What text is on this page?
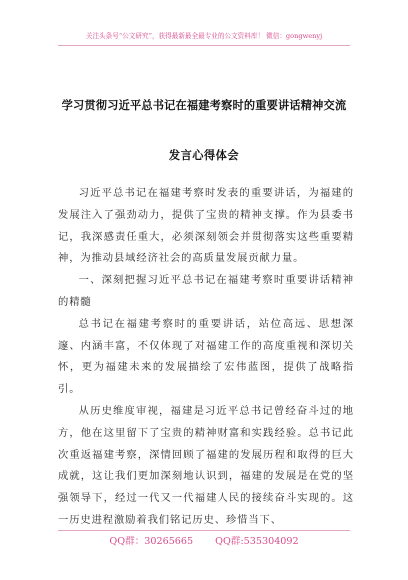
关注头条号“公文研究”，获得最新最全最专业的公文资料库！ 微信：gongwenyj
学习贯彻习近平总书记在福建考察时的重要讲话精神交流
发言心得体会

习近平总书记在福建考察时发表的重要讲话，为福建的发展注入了强劲动力，提供了宝贵的精神支撑。作为县委书记，我深感责任重大，必须深刻领会并贯彻落实这些重要精神，为推动县域经济社会的高质量发展贡献力量。

一、深刻把握习近平总书记在福建考察时重要讲话精神的精髓

总书记在福建考察时的重要讲话，站位高远、思想深邃、内涵丰富，不仅体现了对福建工作的高度重视和深切关怀，更为福建未来的发展描绘了宏伟蓝图，提供了战略指引。

从历史维度审视，福建是习近平总书记曾经奋斗过的地方，他在这里留下了宝贵的精神财富和实践经验。总书记此次重返福建考察，深情回顾了福建的发展历程和取得的巨大成就，这让我们更加深刻地认识到，福建的发展是在党的坚强领导下，经过一代又一代福建人民的接续奋斗实现的。这一历史进程激励着我们铭记历史、珍惜当下、

QQ群：30265665 QQ群:535304092
